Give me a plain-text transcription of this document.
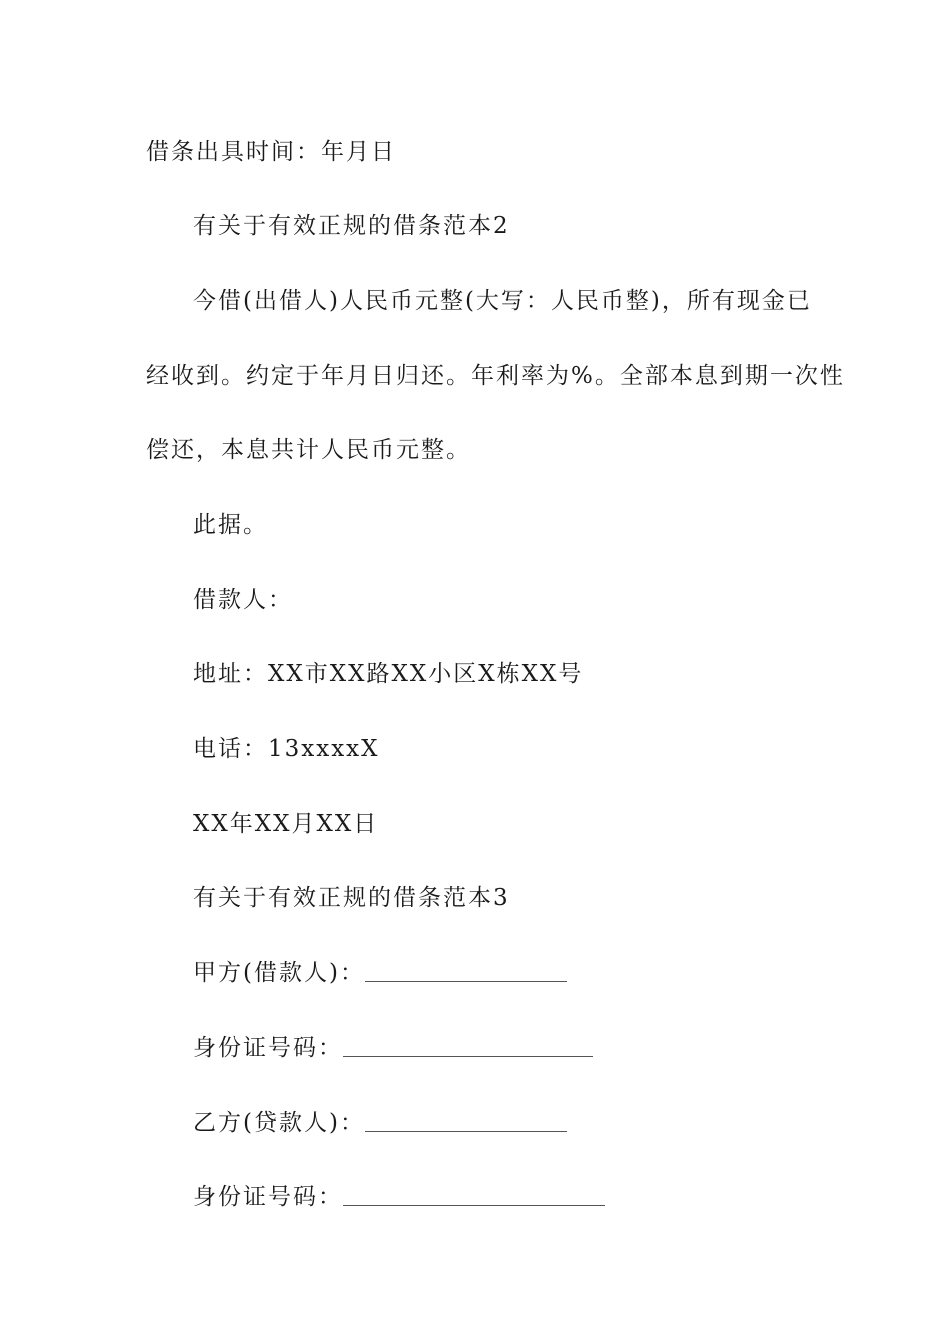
借条出具时间：年月日
有关于有效正规的借条范本2
今借(出借人)人民币元整(大写：人民币整)，所有现金已
经收到。约定于年月日归还。年利率为%。全部本息到期一次性
偿还，本息共计人民币元整。
此据。
借款人：
地址：XX市XX路XX小区X栋XX号
电话：13xxxxX
XX年XX月XX日
有关于有效正规的借条范本3
甲方(借款人)：
身份证号码：
乙方(贷款人)：
身份证号码：
